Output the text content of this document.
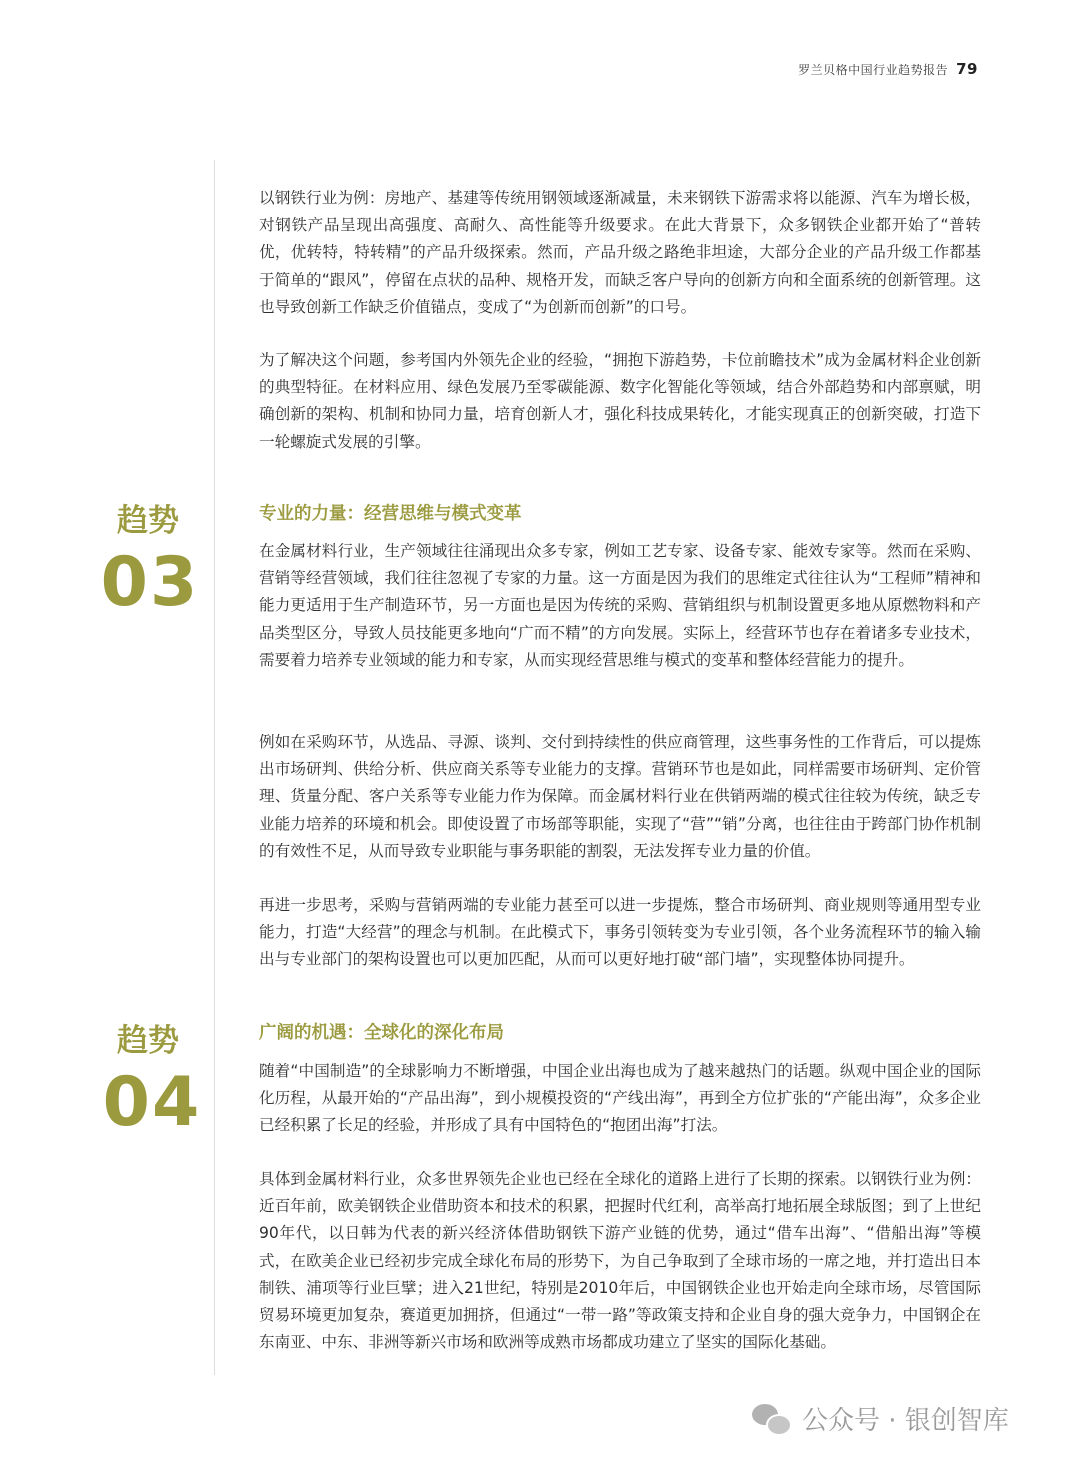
罗兰贝格中国行业趋势报告 79

以钢铁行业为例：房地产、基建等传统用钢领域逐渐减量，未来钢铁下游需求将以能源、汽车为增长极，对钢铁产品呈现出高强度、高耐久、高性能等升级要求。在此大背景下，众多钢铁企业都开始了“普转优，优转特，特转精”的产品升级探索。然而，产品升级之路绝非坦途，大部分企业的产品升级工作都基于简单的“跟风”，停留在点状的品种、规格开发，而缺乏客户导向的创新方向和全面系统的创新管理。这也导致创新工作缺乏价值锚点，变成了“为创新而创新”的口号。

为了解决这个问题，参考国内外领先企业的经验，“拥抱下游趋势，卡位前瞻技术”成为金属材料企业创新的典型特征。在材料应用、绿色发展乃至零碳能源、数字化智能化等领域，结合外部趋势和内部禀赋，明确创新的架构、机制和协同力量，培育创新人才，强化科技成果转化，才能实现真正的创新突破，打造下一轮螺旋式发展的引擎。

趋势
03
专业的力量：经营思维与模式变革

在金属材料行业，生产领域往往涌现出众多专家，例如工艺专家、设备专家、能效专家等。然而在采购、营销等经营领域，我们往往忽视了专家的力量。这一方面是因为我们的思维定式往往认为“工程师”精神和能力更适用于生产制造环节，另一方面也是因为传统的采购、营销组织与机制设置更多地从原燃物料和产品类型区分，导致人员技能更多地向“广而不精”的方向发展。实际上，经营环节也存在着诸多专业技术，需要着力培养专业领域的能力和专家，从而实现经营思维与模式的变革和整体经营能力的提升。

例如在采购环节，从选品、寻源、谈判、交付到持续性的供应商管理，这些事务性的工作背后，可以提炼出市场研判、供给分析、供应商关系等专业能力的支撑。营销环节也是如此，同样需要市场研判、定价管理、货量分配、客户关系等专业能力作为保障。而金属材料行业在供销两端的模式往往较为传统，缺乏专业能力培养的环境和机会。即使设置了市场部等职能，实现了“营”“销”分离，也往往由于跨部门协作机制的有效性不足，从而导致专业职能与事务职能的割裂，无法发挥专业力量的价值。

再进一步思考，采购与营销两端的专业能力甚至可以进一步提炼，整合市场研判、商业规则等通用型专业能力，打造“大经营”的理念与机制。在此模式下，事务引领转变为专业引领，各个业务流程环节的输入输出与专业部门的架构设置也可以更加匹配，从而可以更好地打破“部门墙”，实现整体协同提升。

趋势
04
广阔的机遇：全球化的深化布局

随着“中国制造”的全球影响力不断增强，中国企业出海也成为了越来越热门的话题。纵观中国企业的国际化历程，从最开始的“产品出海”，到小规模投资的“产线出海”，再到全方位扩张的“产能出海”，众多企业已经积累了长足的经验，并形成了具有中国特色的“抱团出海”打法。

具体到金属材料行业，众多世界领先企业也已经在全球化的道路上进行了长期的探索。以钢铁行业为例：近百年前，欧美钢铁企业借助资本和技术的积累，把握时代红利，高举高打地拓展全球版图；到了上世纪90年代，以日韩为代表的新兴经济体借助钢铁下游产业链的优势，通过“借车出海”、“借船出海”等模式，在欧美企业已经初步完成全球化布局的形势下，为自己争取到了全球市场的一席之地，并打造出日本制铁、浦项等行业巨擘；进入21世纪，特别是2010年后，中国钢铁企业也开始走向全球市场，尽管国际贸易环境更加复杂，赛道更加拥挤，但通过“一带一路”等政策支持和企业自身的强大竞争力，中国钢企在东南亚、中东、非洲等新兴市场和欧洲等成熟市场都成功建立了坚实的国际化基础。

公众号 · 银创智库
